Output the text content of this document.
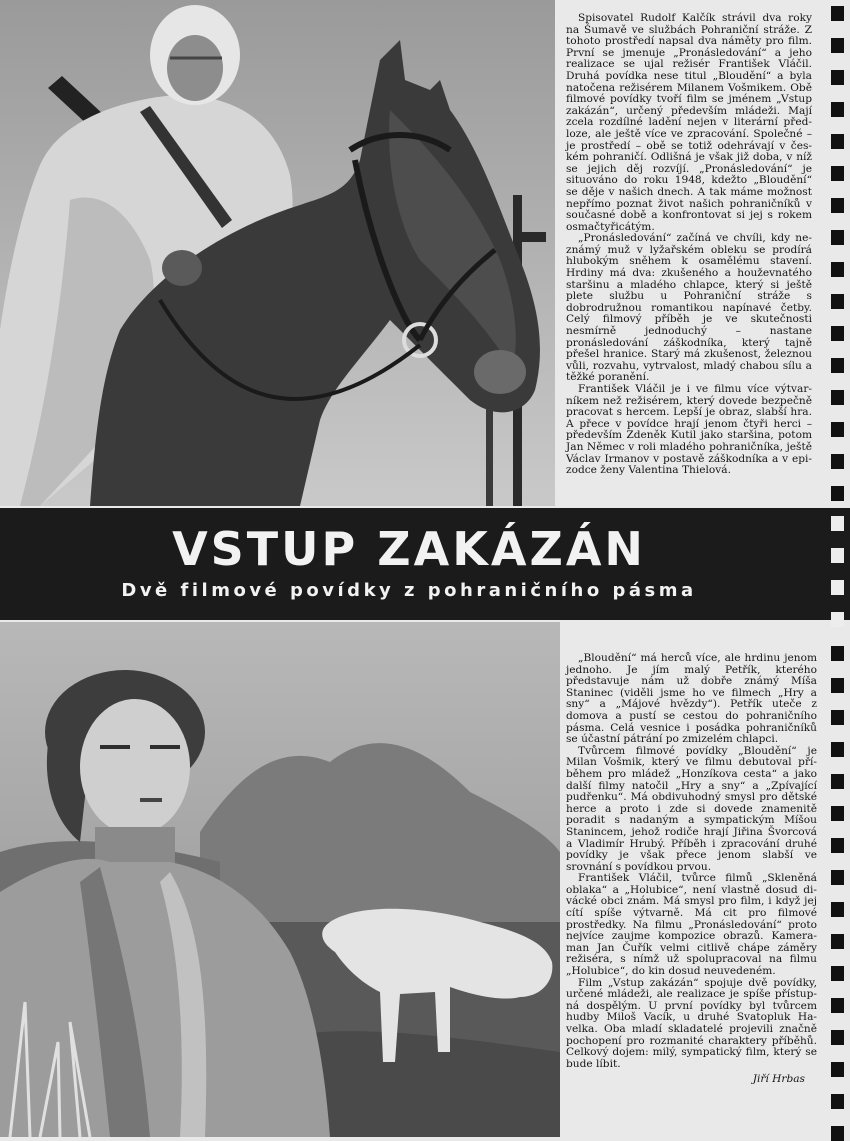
Spisovatel Rudolf Kalčík strávil dva roky na Šumavě ve službách Pohraniční stráže. Z tohoto prostředí napsal dva náměty pro film. První se jmenuje „Pronásledování“ a jeho realizace se ujal režisér František Vláčil. Druhá povídka nese titul „Bloudění“ a byla natočena režisérem Milanem Vošmikem. Obě filmové povídky tvoří film se jménem „Vstup zakázán“, určený především mládeži. Mají zcela rozdílné ladění nejen v literární předloze, ale ještě více ve zpracování. Společné – je prostředí – obě se totiž odehrávají v českém pohraničí. Odlišná je však již doba, v níž se jejich děj rozvíjí. „Pronásledování“ je situováno do roku 1948, kdežto „Bloudění“ se děje v našich dnech. A tak máme možnost nepřímo poznat život našich pohraničníků v současné době a konfrontovat si jej s rokem osmačtyřicátým.

„Pronásledování“ začíná ve chvíli, kdy neznámý muž v lyžařském obleku se prodírá hlubokým sněhem k osamělému stavení. Hrdiny má dva: zkušeného a houževnatého staršinu a mladého chlapce, který si ještě plete službu u Pohraniční stráže s dobrodružnou romantikou napínavé četby. Celý filmový příběh je ve skutečnosti nesmírně jednoduchý – nastane pronásledování záškodníka, který tajně přešel hranice. Starý má zkušenost, železnou vůli, rozvahu, vytrvalost, mladý chabou sílu a těžké poranění.

František Vláčil je i ve filmu více výtvarníkem než režisérem, který dovede bezpečně pracovat s hercem. Lepší je obraz, slabší hra. A přece v povídce hrají jenom čtyři herci – především Zdeněk Kutil jako staršina, potom Jan Němec v roli mladého pohraničníka, ještě Václav Irmanov v postavě záškodníka a v epizodce ženy Valentina Thielová.

VSTUP ZAKÁZÁN
Dvě filmové povídky z pohraničního pásma

„Bloudění“ má herců více, ale hrdinu jenom jednoho. Je jím malý Petřík, kterého představuje nám už dobře známý Míša Staninec (viděli jsme ho ve filmech „Hry a sny“ a „Májové hvězdy“). Petřík uteče z domova a pustí se cestou do pohraničního pásma. Celá vesnice i posádka pohraničníků se účastní pátrání po zmizelém chlapci.

Tvůrcem filmové povídky „Bloudění“ je Milan Vošmik, který ve filmu debutoval příběhem pro mládež „Honzíkova cesta“ a jako další filmy natočil „Hry a sny“ a „Zpívající pudřenku“. Má obdivuhodný smysl pro dětské herce a proto i zde si dovede znamenitě poradit s nadaným a sympatickým Míšou Stanincem, jehož rodiče hrají Jiřina Švorcová a Vladimír Hrubý. Příběh i zpracování druhé povídky je však přece jenom slabší ve srovnání s povídkou prvou.

František Vláčil, tvůrce filmů „Skleněná oblaka“ a „Holubice“, není vlastně dosud divácké obci znám. Má smysl pro film, i když jej cítí spíše výtvarně. Má cit pro filmové prostředky. Na filmu „Pronásledování“ proto nejvíce zaujme kompozice obrazů. Kameraman Jan Čuřík velmi citlivě chápe záměry režiséra, s nímž už spolupracoval na filmu „Holubice“, do kin dosud neuvedeném.

Film „Vstup zakázán“ spojuje dvě povídky, určené mládeži, ale realizace je spíše přístupná dospělým. U první povídky byl tvůrcem hudby Miloš Vacík, u druhé Svatopluk Havelka. Oba mladí skladatelé projevili značně pochopení pro rozmanité charaktery příběhů. Celkový dojem: milý, sympatický film, který se bude líbit.

Jiří Hrbas
